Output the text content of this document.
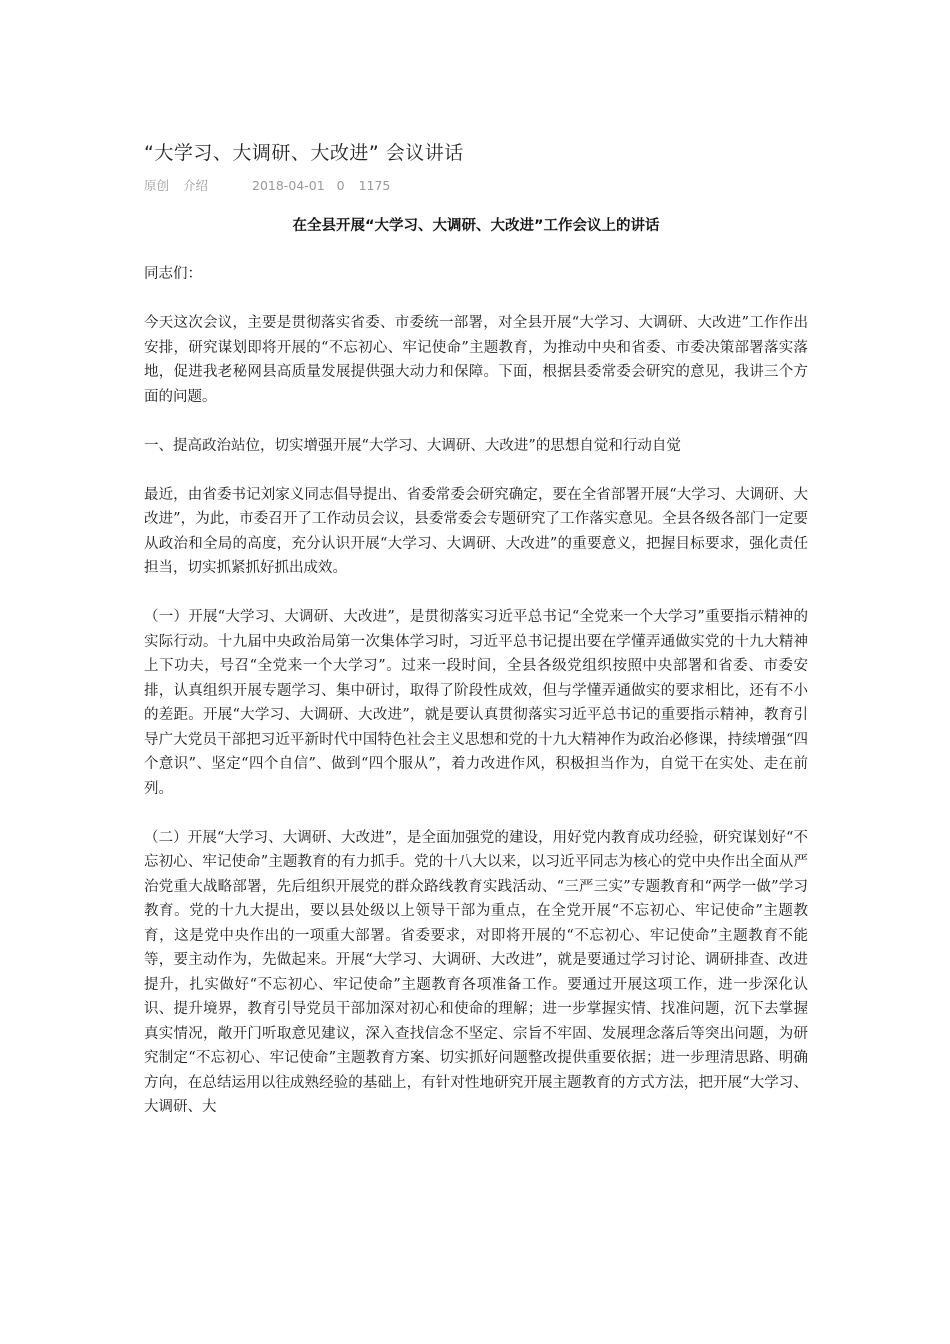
“大学习、大调研、大改进” 会议讲话
原创 介绍	2018-04-01 0 1175
在全县开展“大学习、大调研、大改进”工作会议上的讲话

同志们：

今天这次会议，主要是贯彻落实省委、市委统一部署，对全县开展“大学习、大调研、大改进”工作作出安排，研究谋划即将开展的“不忘初心、牢记使命”主题教育，为推动中央和省委、市委决策部署落实落地，促进我老秘网县高质量发展提供强大动力和保障。下面，根据县委常委会研究的意见，我讲三个方面的问题。

一、提高政治站位，切实增强开展“大学习、大调研、大改进”的思想自觉和行动自觉

最近，由省委书记刘家义同志倡导提出、省委常委会研究确定，要在全省部署开展“大学习、大调研、大改进”，为此，市委召开了工作动员会议，县委常委会专题研究了工作落实意见。全县各级各部门一定要从政治和全局的高度，充分认识开展“大学习、大调研、大改进”的重要意义，把握目标要求，强化责任担当，切实抓紧抓好抓出成效。

（一）开展“大学习、大调研、大改进”，是贯彻落实习近平总书记“全党来一个大学习”重要指示精神的实际行动。十九届中央政治局第一次集体学习时，习近平总书记提出要在学懂弄通做实党的十九大精神上下功夫，号召“全党来一个大学习”。过来一段时间，全县各级党组织按照中央部署和省委、市委安排，认真组织开展专题学习、集中研讨，取得了阶段性成效，但与学懂弄通做实的要求相比，还有不小的差距。开展“大学习、大调研、大改进”，就是要认真贯彻落实习近平总书记的重要指示精神，教育引导广大党员干部把习近平新时代中国特色社会主义思想和党的十九大精神作为政治必修课，持续增强“四个意识”、坚定“四个自信”、做到“四个服从”，着力改进作风，积极担当作为，自觉干在实处、走在前列。

（二）开展“大学习、大调研、大改进”，是全面加强党的建设，用好党内教育成功经验，研究谋划好“不忘初心、牢记使命”主题教育的有力抓手。党的十八大以来，以习近平同志为核心的党中央作出全面从严治党重大战略部署，先后组织开展党的群众路线教育实践活动、“三严三实”专题教育和“两学一做”学习教育。党的十九大提出，要以县处级以上领导干部为重点，在全党开展“不忘初心、牢记使命”主题教育，这是党中央作出的一项重大部署。省委要求，对即将开展的“不忘初心、牢记使命”主题教育不能等，要主动作为，先做起来。开展“大学习、大调研、大改进”，就是要通过学习讨论、调研排查、改进提升，扎实做好“不忘初心、牢记使命”主题教育各项准备工作。要通过开展这项工作，进一步深化认识、提升境界，教育引导党员干部加深对初心和使命的理解；进一步掌握实情、找准问题，沉下去掌握真实情况，敞开门听取意见建议，深入查找信念不坚定、宗旨不牢固、发展理念落后等突出问题，为研究制定“不忘初心、牢记使命”主题教育方案、切实抓好问题整改提供重要依据；进一步理清思路、明确方向，在总结运用以往成熟经验的基础上，有针对性地研究开展主题教育的方式方法，把开展“大学习、大调研、大
